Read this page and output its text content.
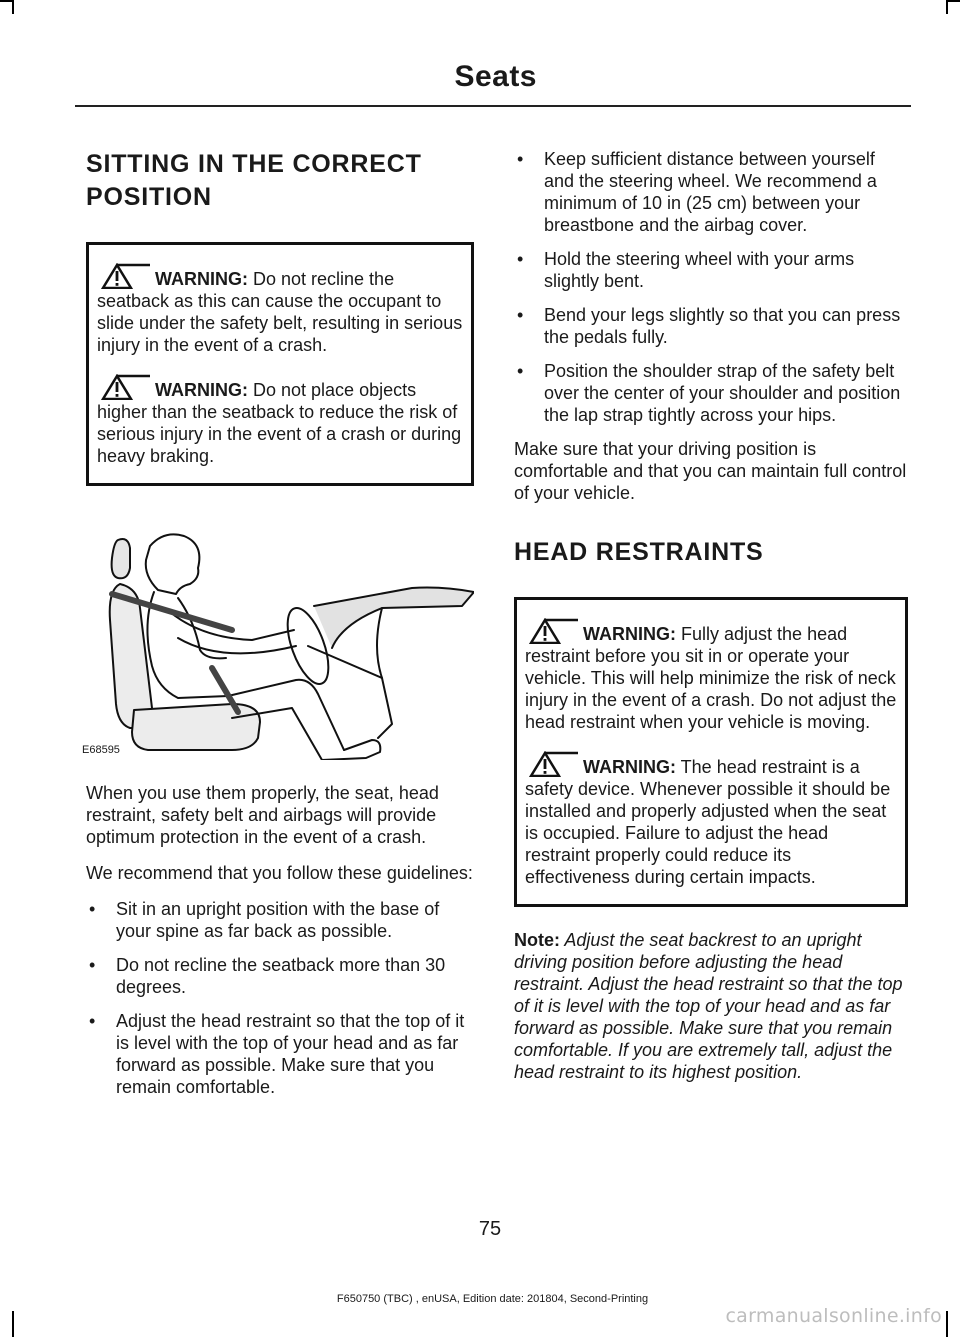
Seats
SITTING IN THE CORRECT POSITION
WARNING: Do not recline the seatback as this can cause the occupant to slide under the safety belt, resulting in serious injury in the event of a crash.
WARNING: Do not place objects higher than the seatback to reduce the risk of serious injury in the event of a crash or during heavy braking.
E68595

When you use them properly, the seat, head restraint, safety belt and airbags will provide optimum protection in the event of a crash.

We recommend that you follow these guidelines:

• Sit in an upright position with the base of your spine as far back as possible.
• Do not recline the seatback more than 30 degrees.
• Adjust the head restraint so that the top of it is level with the top of your head and as far forward as possible. Make sure that you remain comfortable.
• Keep sufficient distance between yourself and the steering wheel. We recommend a minimum of 10 in (25 cm) between your breastbone and the airbag cover.
• Hold the steering wheel with your arms slightly bent.
• Bend your legs slightly so that you can press the pedals fully.
• Position the shoulder strap of the safety belt over the center of your shoulder and position the lap strap tightly across your hips.

Make sure that your driving position is comfortable and that you can maintain full control of your vehicle.

HEAD RESTRAINTS
WARNING: Fully adjust the head restraint before you sit in or operate your vehicle. This will help minimize the risk of neck injury in the event of a crash. Do not adjust the head restraint when your vehicle is moving.
WARNING: The head restraint is a safety device. Whenever possible it should be installed and properly adjusted when the seat is occupied. Failure to adjust the head restraint properly could reduce its effectiveness during certain impacts.

Note: Adjust the seat backrest to an upright driving position before adjusting the head restraint. Adjust the head restraint so that the top of it is level with the top of your head and as far forward as possible. Make sure that you remain comfortable. If you are extremely tall, adjust the head restraint to its highest position.

75
F650750 (TBC) , enUSA, Edition date: 201804, Second-Printing
carmanualsonline.info
